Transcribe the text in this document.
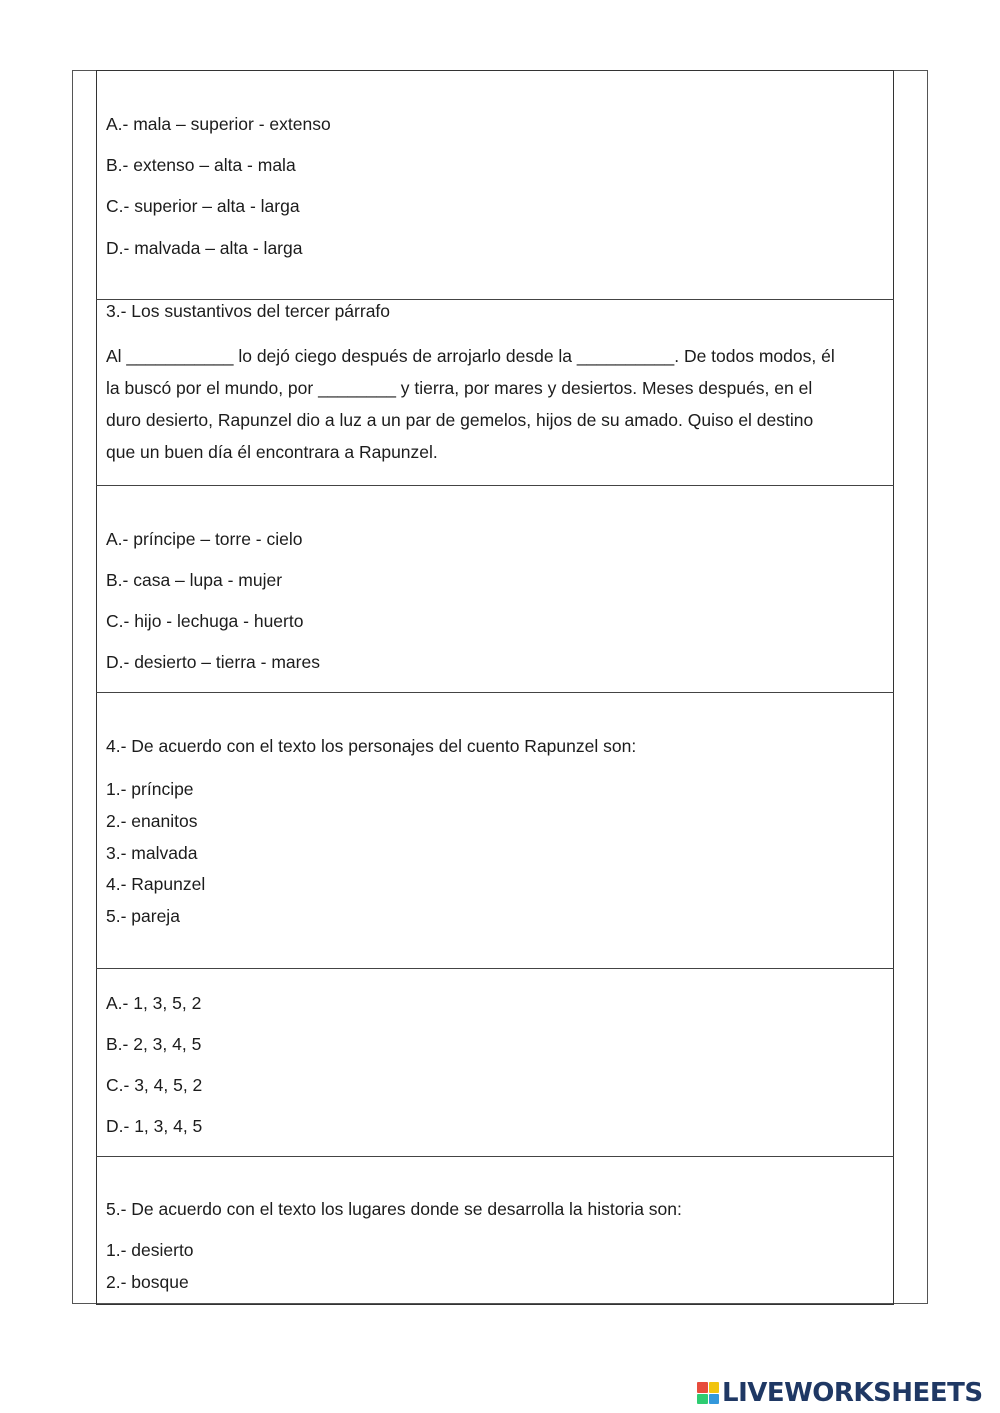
A.- mala – superior - extenso
B.- extenso – alta - mala
C.- superior – alta - larga
D.- malvada – alta - larga
3.- Los sustantivos del tercer párrafo
Al ___________ lo dejó ciego después de arrojarlo desde la __________. De todos modos, él
la buscó por el mundo, por ________ y tierra, por mares y desiertos. Meses después, en el
duro desierto, Rapunzel dio a luz a un par de gemelos, hijos de su amado. Quiso el destino
que un buen día él encontrara a Rapunzel.
A.- príncipe – torre - cielo
B.- casa – lupa - mujer
C.- hijo - lechuga - huerto
D.- desierto – tierra - mares
4.- De acuerdo con el texto los personajes del cuento Rapunzel son:
1.- príncipe
2.- enanitos
3.- malvada
4.- Rapunzel
5.- pareja
A.- 1, 3, 5, 2
B.- 2, 3, 4, 5
C.- 3, 4, 5, 2
D.- 1, 3, 4, 5
5.- De acuerdo con el texto los lugares donde se desarrolla la historia son:
1.- desierto
2.- bosque
LIVEWORKSHEETS
